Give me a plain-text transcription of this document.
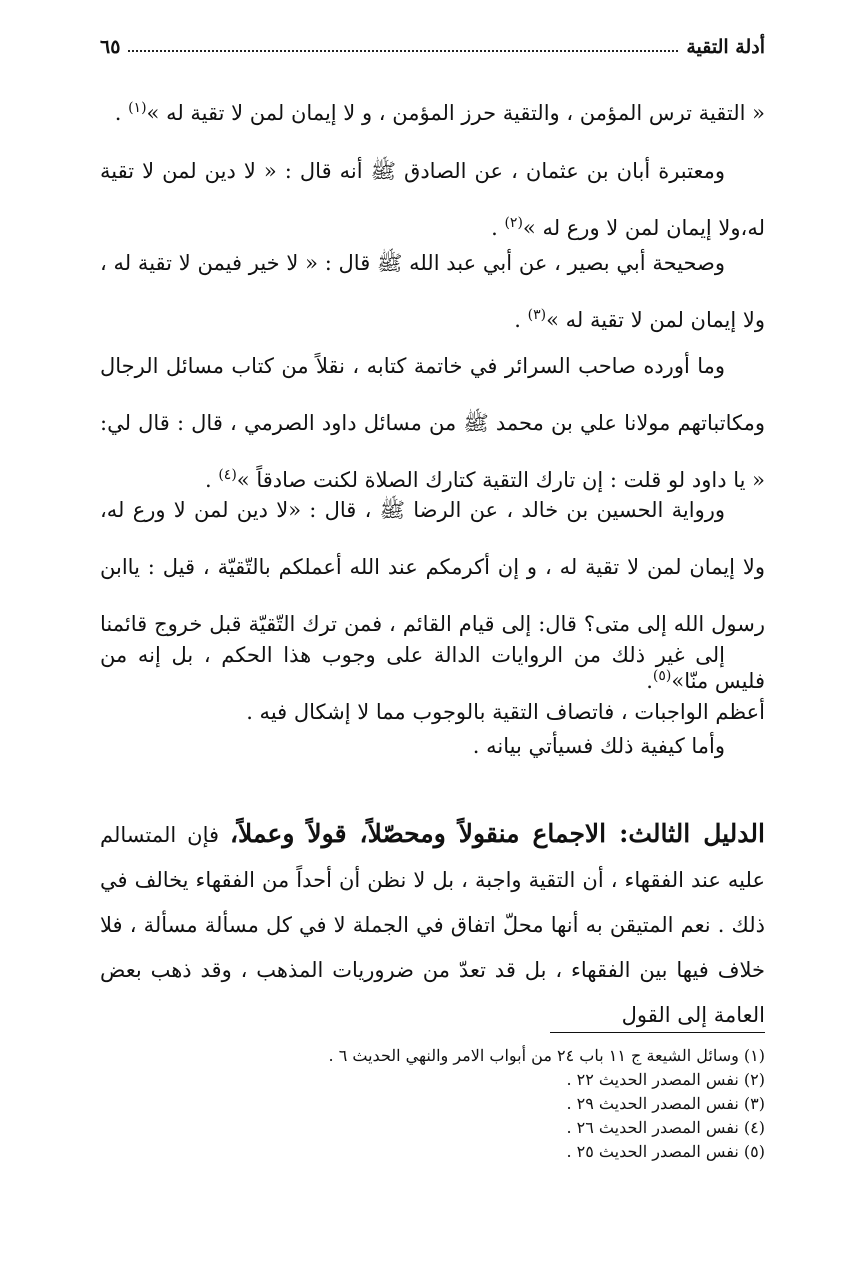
أدلة التقية
٦٥

« التقية ترس المؤمن ، والتقية حرز المؤمن ، و لا إيمان لمن لا تقية له »$^{(١)}$ .

ومعتبرة أبان بن عثمان ، عن الصادق ﷺ أنه قال : « لا دين لمن لا تقية له،ولا إيمان لمن لا ورع له »$^{(٢)}$ .

وصحيحة أبي بصير ، عن أبي عبد الله ﷺ قال : « لا خير فيمن لا تقية له ، ولا إيمان لمن لا تقية له »$^{(٣)}$ .

وما أورده صاحب السرائر في خاتمة كتابه ، نقلاً من كتاب مسائل الرجال ومكاتباتهم مولانا علي بن محمد ﷺ من مسائل داود الصرمي ، قال : قال لي: « يا داود لو قلت : إن تارك التقية كتارك الصلاة لكنت صادقاً »$^{(٤)}$ .

ورواية الحسين بن خالد ، عن الرضا ﷺ ، قال : «لا دين لمن لا ورع له، ولا إيمان لمن لا تقية له ، و إن أكرمكم عند الله أعملكم بالتّقيّة ، قيل : ياابن رسول الله إلى متى؟ قال: إلى قيام القائم ، فمن ترك التّقيّة قبل خروج قائمنا فليس منّا»$^{(٥)}$.

إلى غير ذلك من الروايات الدالة على وجوب هذا الحكم ، بل إنه من أعظم الواجبات ، فاتصاف التقية بالوجوب مما لا إشكال فيه .

وأما كيفية ذلك فسيأتي بيانه .

الدليل الثالث: الاجماع منقولاً ومحصّلاً، قولاً وعملاً، فإن المتسالم عليه عند الفقهاء ، أن التقية واجبة ، بل لا نظن أن أحداً من الفقهاء يخالف في ذلك . نعم المتيقن به أنها محلّ اتفاق في الجملة لا في كل مسألة مسألة ، فلا خلاف فيها بين الفقهاء ، بل قد تعدّ من ضروريات المذهب ، وقد ذهب بعض العامة إلى القول

(١) وسائل الشيعة ج ١١ باب ٢٤ من أبواب الامر والنهي الحديث ٦ .
(٢) نفس المصدر الحديث ٢٢ .
(٣) نفس المصدر الحديث ٢٩ .
(٤) نفس المصدر الحديث ٢٦ .
(٥) نفس المصدر الحديث ٢٥ .
